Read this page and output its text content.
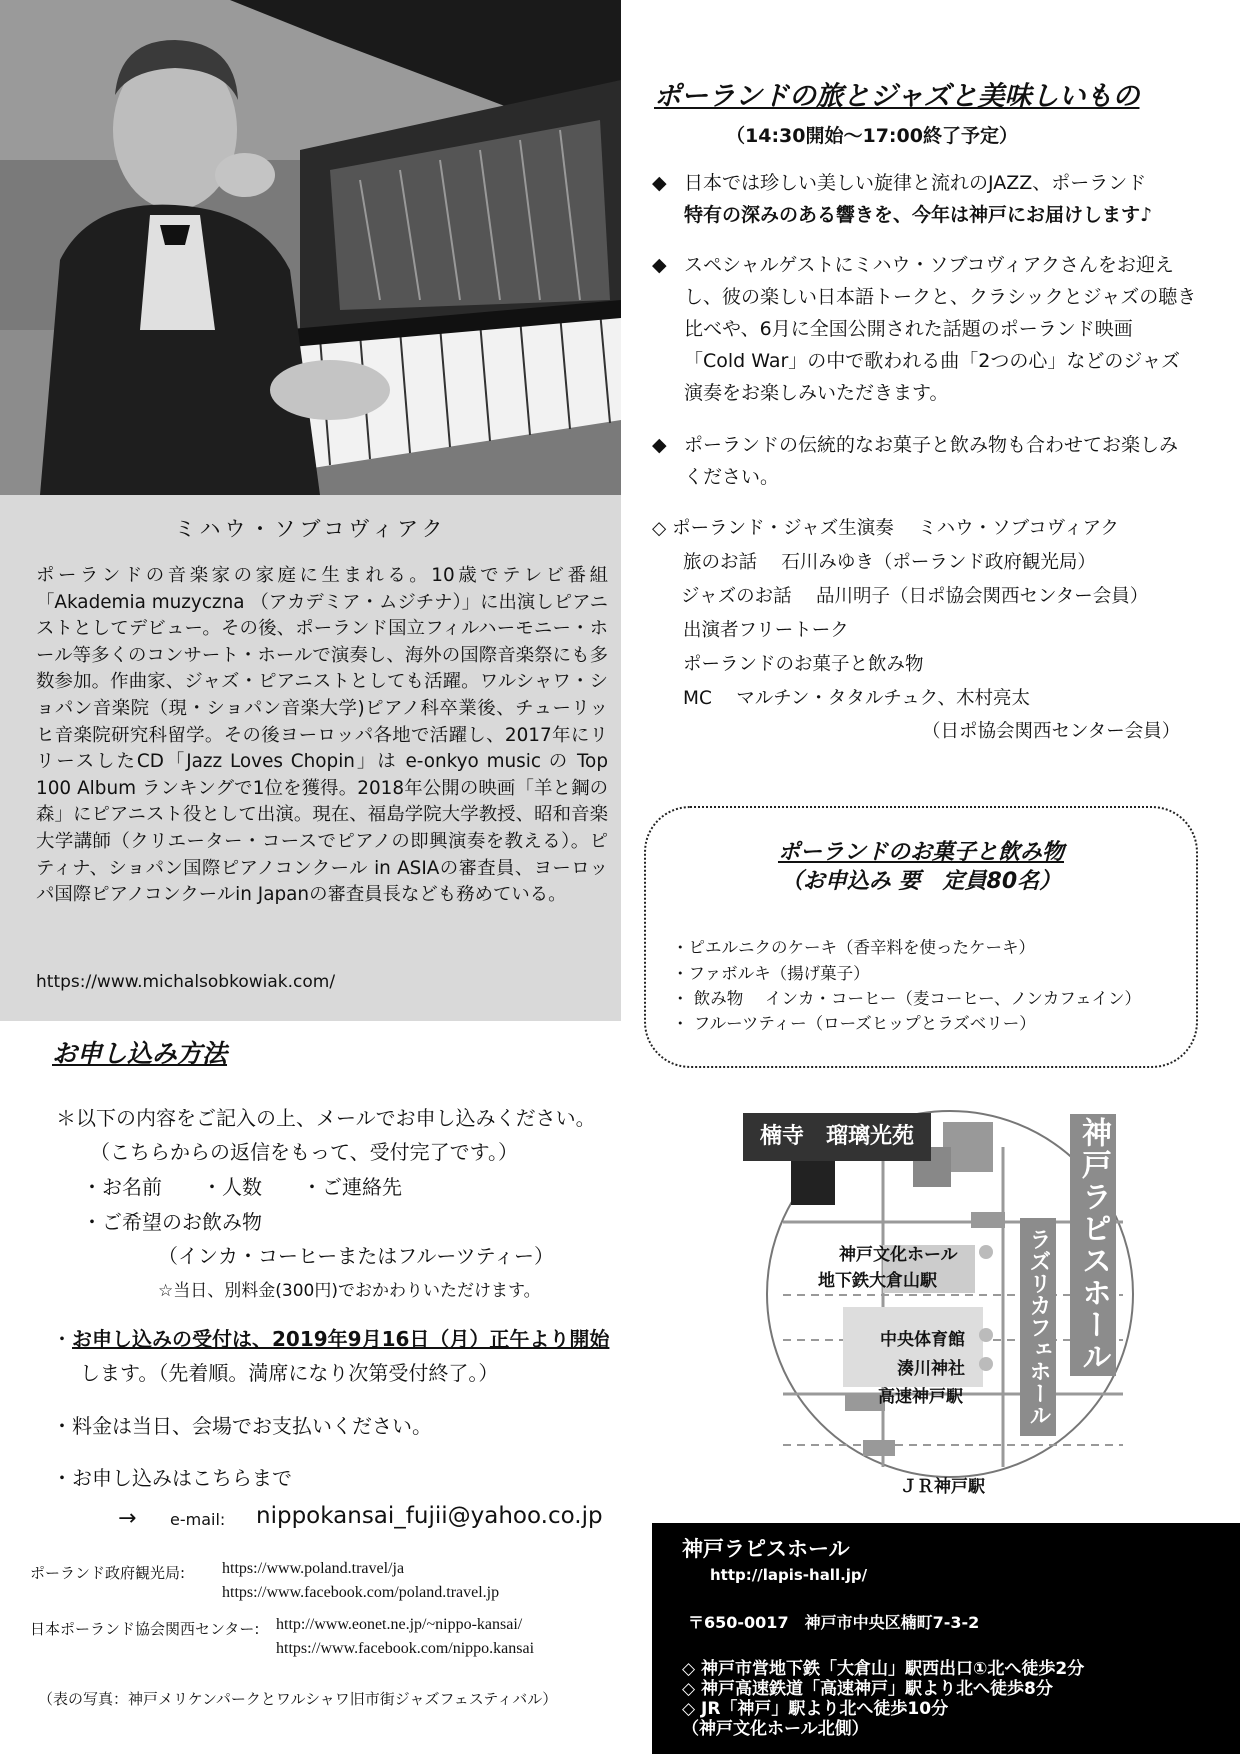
ミハウ・ソブコヴィアク

ポーランドの音楽家の家庭に生まれる。10歳でテレビ番組「Akademia muzyczna （アカデミア・ムジチナ）」に出演しピアニストとしてデビュー。その後、ポーランド国立フィルハーモニー・ホール等多くのコンサート・ホールで演奏し、海外の国際音楽祭にも多数参加。作曲家、ジャズ・ピアニストとしても活躍。ワルシャワ・ショパン音楽院（現・ショパン音楽大学)ピアノ科卒業後、チューリッヒ音楽院研究科留学。その後ヨーロッパ各地で活躍し、2017年にリリースしたCD「Jazz Loves Chopin」は e-onkyo music の Top 100 Album ランキングで1位を獲得。2018年公開の映画「羊と鋼の森」にピアニスト役として出演。現在、福島学院大学教授、昭和音楽大学講師（クリエーター・コースでピアノの即興演奏を教える）。ピティナ、ショパン国際ピアノコンクール in ASIAの審査員、ヨーロッパ国際ピアノコンクールin Japanの審査員長なども務めている。

https://www.michalsobkowiak.com/
お申し込み方法
＊以下の内容をご記入の上、メールでお申し込みください。
（こちらからの返信をもって、受付完了です。）
・お名前　　・人数　　・ご連絡先
・ご希望のお飲み物
（インカ・コーヒーまたはフルーツティー）
☆当日、別料金(300円)でおかわりいただけます。
・お申し込みの受付は、2019年9月16日（月）正午より開始
します。（先着順。満席になり次第受付終了。）
・料金は当日、会場でお支払いください。
・お申し込みはこちらまで
→ e-mail: nippokansai_fujii@yahoo.co.jp
ポーランド政府観光局: https://www.poland.travel/ja
https://www.facebook.com/poland.travel.jp
日本ポーランド協会関西センター: http://www.eonet.ne.jp/~nippo-kansai/
https://www.facebook.com/nippo.kansai
（表の写真：神戸メリケンパークとワルシャワ旧市街ジャズフェスティバル）
ポーランドの旅とジャズと美味しいもの
（14:30開始～17:00終了予定）
◆ 日本では珍しい美しい旋律と流れのJAZZ、ポーランド
特有の深みのある響きを、今年は神戸にお届けします♪
◆ スペシャルゲストにミハウ・ソブコヴィアクさんをお迎え
し、彼の楽しい日本語トークと、クラシックとジャズの聴き
比べや、6月に全国公開された話題のポーランド映画
「Cold War」の中で歌われる曲「2つの心」などのジャズ
演奏をお楽しみいただきます。
◆ ポーランドの伝統的なお菓子と飲み物も合わせてお楽しみ
ください。
◇ ポーランド・ジャズ生演奏　 ミハウ・ソブコヴィアク
旅のお話　 石川みゆき（ポーランド政府観光局）
ジャズのお話　 品川明子（日ポ協会関西センター会員）
出演者フリートーク
ポーランドのお菓子と飲み物
MC　 マルチン・タタルチュク、木村亮太
（日ポ協会関西センター会員）
ポーランドのお菓子と飲み物
（お申込み 要　定員80名）
・ピエルニクのケーキ（香辛料を使ったケーキ）
・ファボルキ（揚げ菓子）
・ 飲み物　 インカ・コーヒー（麦コーヒー、ノンカフェイン）
・ フルーツティー（ローズヒップとラズベリー）
楠寺　瑠璃光苑	神戸ラピスホール
ラズリカフェホール
神戸文化ホール
地下鉄大倉山駅
中央体育館
湊川神社
高速神戸駅
ＪＲ神戸駅
神戸ラピスホール
http://lapis-hall.jp/
〒650-0017　神戸市中央区楠町7-3-2
◇ 神戸市営地下鉄「大倉山」駅西出口①北へ徒歩2分
◇ 神戸高速鉄道「高速神戸」駅より北へ徒歩8分
◇ JR「神戸」駅より北へ徒歩10分
（神戸文化ホール北側）
